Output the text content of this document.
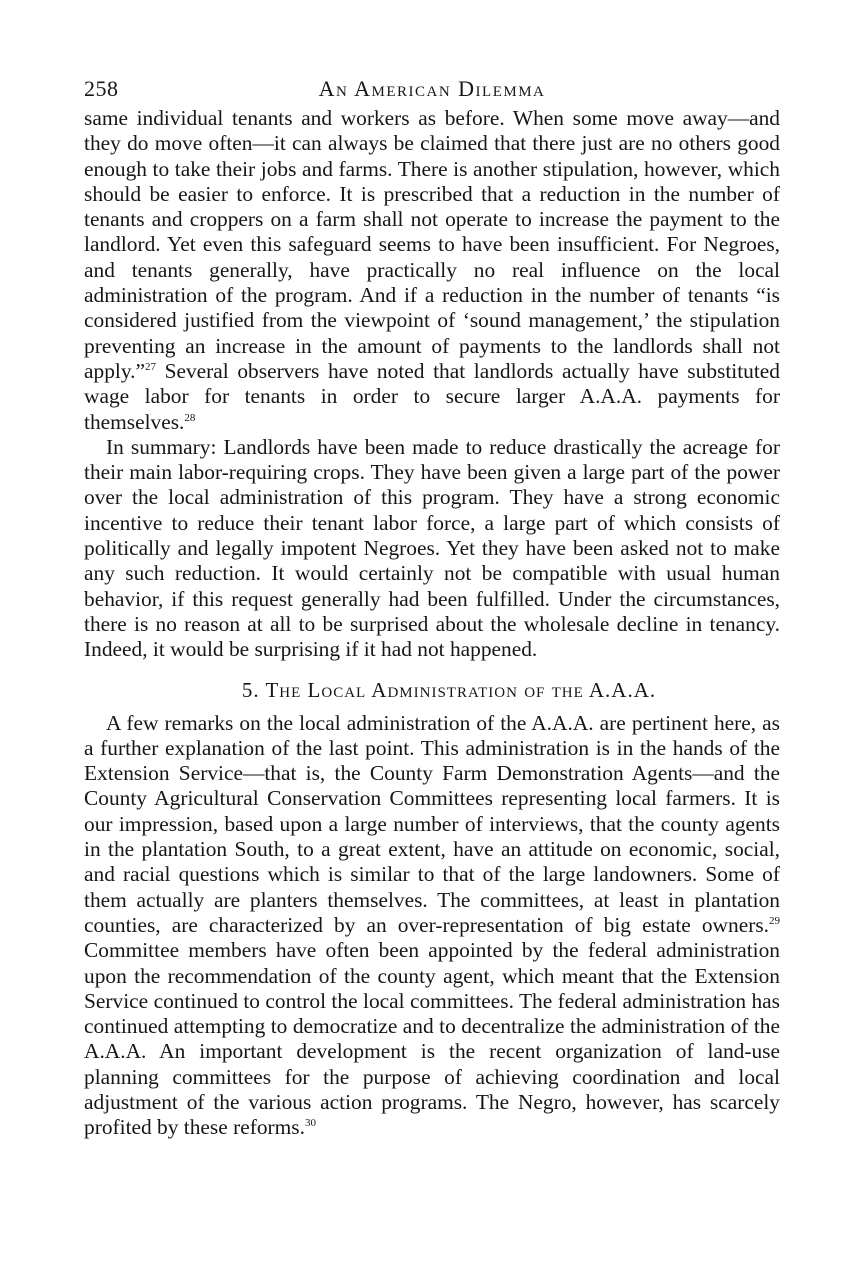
258	An American Dilemma

same individual tenants and workers as before. When some move away—and they do move often—it can always be claimed that there just are no others good enough to take their jobs and farms. There is another stipulation, however, which should be easier to enforce. It is prescribed that a reduction in the number of tenants and croppers on a farm shall not operate to increase the payment to the landlord. Yet even this safeguard seems to have been insufficient. For Negroes, and tenants generally, have practically no real influence on the local administration of the program. And if a reduction in the number of tenants “is considered justified from the viewpoint of ‘sound management,’ the stipulation preventing an increase in the amount of payments to the landlords shall not apply.”$^{27}$ Several observers have noted that landlords actually have substituted wage labor for tenants in order to secure larger A.A.A. payments for themselves.$^{28}$

In summary: Landlords have been made to reduce drastically the acreage for their main labor-requiring crops. They have been given a large part of the power over the local administration of this program. They have a strong economic incentive to reduce their tenant labor force, a large part of which consists of politically and legally impotent Negroes. Yet they have been asked not to make any such reduction. It would certainly not be compatible with usual human behavior, if this request generally had been fulfilled. Under the circumstances, there is no reason at all to be surprised about the wholesale decline in tenancy. Indeed, it would be surprising if it had not happened.

5. The Local Administration of the A.A.A.

A few remarks on the local administration of the A.A.A. are pertinent here, as a further explanation of the last point. This administration is in the hands of the Extension Service—that is, the County Farm Demonstration Agents—and the County Agricultural Conservation Committees representing local farmers. It is our impression, based upon a large number of interviews, that the county agents in the plantation South, to a great extent, have an attitude on economic, social, and racial questions which is similar to that of the large landowners. Some of them actually are planters themselves. The committees, at least in plantation counties, are characterized by an over-representation of big estate owners.$^{29}$ Committee members have often been appointed by the federal administration upon the recommendation of the county agent, which meant that the Extension Service continued to control the local committees. The federal administration has continued attempting to democratize and to decentralize the administration of the A.A.A. An important development is the recent organization of land-use planning committees for the purpose of achieving coordination and local adjustment of the various action programs. The Negro, however, has scarcely profited by these reforms.$^{30}$
